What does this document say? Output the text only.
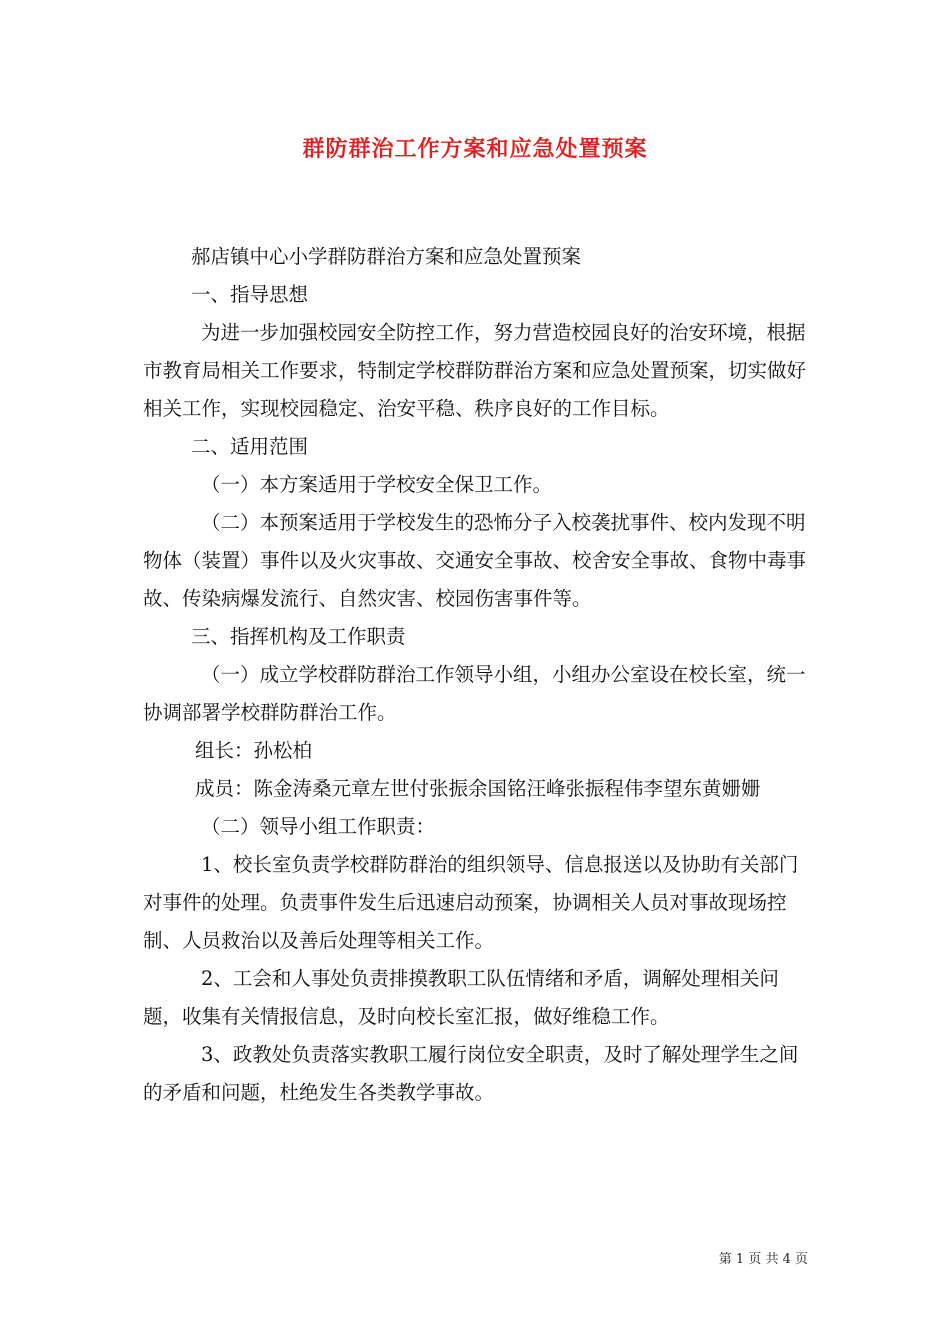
群防群治工作方案和应急处置预案

郝店镇中心小学群防群治方案和应急处置预案

一、指导思想

为进一步加强校园安全防控工作，努力营造校园良好的治安环境，根据市教育局相关工作要求，特制定学校群防群治方案和应急处置预案，切实做好相关工作，实现校园稳定、治安平稳、秩序良好的工作目标。

二、适用范围

（一）本方案适用于学校安全保卫工作。

（二）本预案适用于学校发生的恐怖分子入校袭扰事件、校内发现不明物体（装置）事件以及火灾事故、交通安全事故、校舍安全事故、食物中毒事故、传染病爆发流行、自然灾害、校园伤害事件等。

三、指挥机构及工作职责

（一）成立学校群防群治工作领导小组，小组办公室设在校长室，统一协调部署学校群防群治工作。

组长：孙松柏

成员：陈金涛桑元章左世付张振余国铭汪峰张振程伟李望东黄姗姗

（二）领导小组工作职责：

1、校长室负责学校群防群治的组织领导、信息报送以及协助有关部门对事件的处理。负责事件发生后迅速启动预案，协调相关人员对事故现场控制、人员救治以及善后处理等相关工作。

2、工会和人事处负责排摸教职工队伍情绪和矛盾，调解处理相关问题，收集有关情报信息，及时向校长室汇报，做好维稳工作。

3、政教处负责落实教职工履行岗位安全职责，及时了解处理学生之间的矛盾和问题，杜绝发生各类教学事故。

第 1 页 共 4 页
